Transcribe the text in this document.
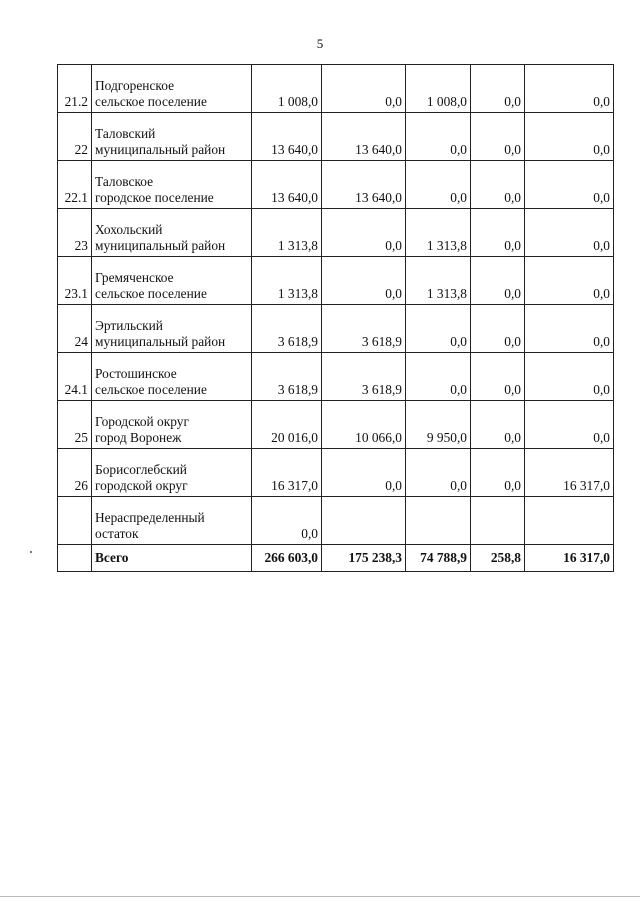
5
21.2	Подгоренское
сельское поселение	1 008,0	0,0	1 008,0	0,0	0,0
22	Таловский
муниципальный район	13 640,0	13 640,0	0,0	0,0	0,0
22.1	Таловское
городское поселение	13 640,0	13 640,0	0,0	0,0	0,0
23	Хохольский
муниципальный район	1 313,8	0,0	1 313,8	0,0	0,0
23.1	Гремяченское
сельское поселение	1 313,8	0,0	1 313,8	0,0	0,0
24	Эртильский
муниципальный район	3 618,9	3 618,9	0,0	0,0	0,0
24.1	Ростошинское
сельское поселение	3 618,9	3 618,9	0,0	0,0	0,0
25	Городской округ
город Воронеж	20 016,0	10 066,0	9 950,0	0,0	0,0
26	Борисоглебский
городской округ	16 317,0	0,0	0,0	0,0	16 317,0

	Нераспределенный
остаток	0,0				
	Всего	266 603,0	175 238,3	74 788,9	258,8	16 317,0
